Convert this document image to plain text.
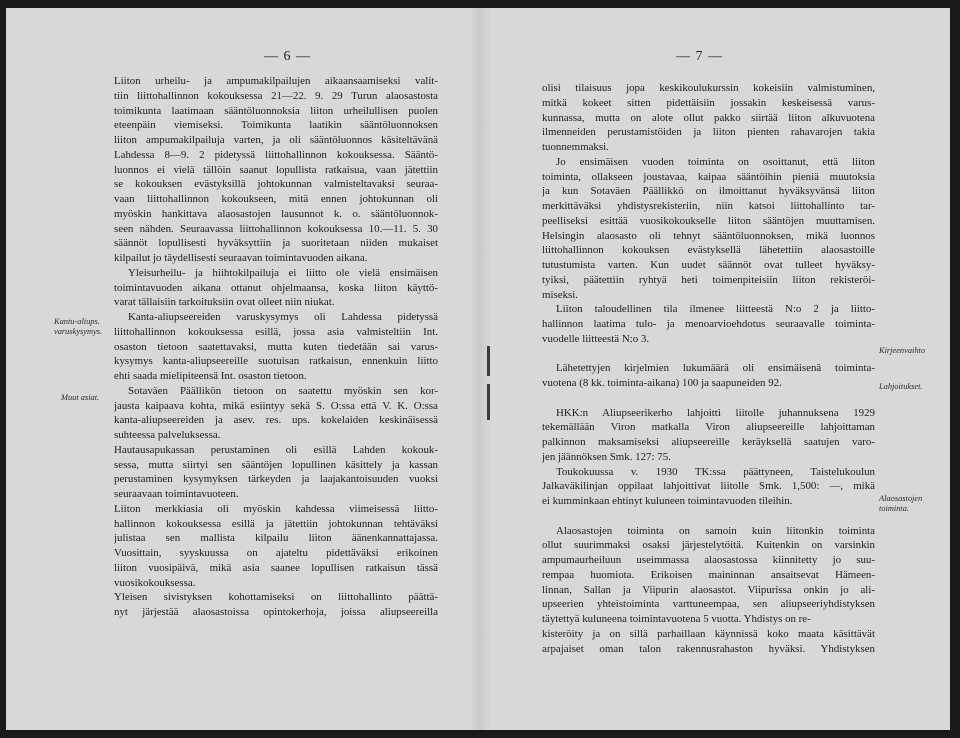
— 6 —
Liiton urheilu- ja ampumakilpailujen aikaansaamiseksi valit-
tiin liittohallinnon kokouksessa 21—22. 9. 29 Turun alaosastosta
toimikunta laatimaan sääntöluonnoksia liiton urheilullisen puolen
eteenpäin viemiseksi. Toimikunta laatikin sääntöluonnoksen
liiton ampumakilpailuja varten, ja oli sääntöluonnos käsiteltävänä
Lahdessa 8—9. 2 pidetyssä liittohallinnon kokouksessa. Sääntö-
luonnos ei vielä tällöin saanut lopullista ratkaisua, vaan jätettiin
se kokouksen evästyksillä johtokunnan valmisteltavaksi seuraa-
vaan liittohallinnon kokoukseen, mitä ennen johtokunnan oli
myöskin hankittava alaosastojen lausunnot k. o. sääntöluonnok-
seen nähden. Seuraavassa liittohallinnon kokouksessa 10.—11. 5. 30
säännöt lopullisesti hyväksyttiin ja suoritetaan niiden mukaiset
kilpailut jo täydellisesti seuraavan toimintavuoden aikana.
Yleisurheilu- ja hiihtokilpailuja ei liitto ole vielä ensimäisen
toimintavuoden aikana ottanut ohjelmaansa, koska liiton käyttö-
varat tällaisiin tarkoituksiin ovat olleet niin niukat.
Kanta-aliupseereiden varuskysymys oli Lahdessa pidetyssä
liittohallinnon kokouksessa esillä, jossa asia valmisteltiin Int.
osaston tietoon saatettavaksi, mutta kuten tiedetään sai varus-
kysymys kanta-aliupseereille suotuisan ratkaisun, ennenkuin liitto
ehti saada mielipiteensä Int. osaston tietoon.
Sotaväen Päällikön tietoon on saatettu myöskin sen kor-
jausta kaipaava kohta, mikä esiintyy sekä S. O:ssa että V. K. O:ssa
kanta-aliupseereiden ja asev. res. ups. kokelaiden keskinäisessä
suhteessa palveluksessa.
Hautausapukassan perustaminen oli esillä Lahden kokouk-
sessa, mutta siirtyi sen sääntöjen lopullinen käsittely ja kassan
perustaminen kysymyksen tärkeyden ja laajakantoisuuden vuoksi
seuraavaan toimintavuoteen.
Liiton merkkiasia oli myöskin kahdessa viimeisessä liitto-
hallinnon kokouksessa esillä ja jätettiin johtokunnan tehtäväksi
julistaa sen mallista kilpailu liiton äänenkannattajassa.
Vuosittain, syyskuussa on ajateltu pidettäväksi erikoinen
liiton vuosipäivä, mikä asia saanee lopullisen ratkaisun tässä
vuosikokouksessa.
Yleisen sivistyksen kohottamiseksi on liittohallinto päättä-
nyt järjestää alaosastoissa opintokerhoja, joissa aliupseereilla
Kantu-aliups.
varuskysymys.
Muut asiat.
— 7 —
olisi tilaisuus jopa keskikoulukurssin kokeisiin valmistuminen,
mitkä kokeet sitten pidettäisiin jossakin keskeisessä varus-
kunnassa, mutta on alote ollut pakko siirtää liiton alkuvuotena
ilmenneiden perustamistöiden ja liiton pienten rahavarojen takia
tuonnemmaksi.
Jo ensimäisen vuoden toiminta on osoittanut, että liiton
toiminta, ollakseen joustavaa, kaipaa sääntöihin pieniä muutoksia
ja kun Sotaväen Päällikkö on ilmoittanut hyväksyvänsä liiton
merkittäväksi yhdistysrekisteriin, niin katsoi liittohallinto tar-
peelliseksi esittää vuosikokoukselle liiton sääntöjen muuttamisen.
Helsingin alaosasto oli tehnyt sääntöluonnoksen, mikä luonnos
liittohallinnon kokouksen evästyksellä lähetettiin alaosastoille
tutustumista varten. Kun uudet säännöt ovat tulleet hyväksy-
tyiksi, päätettiin ryhtyä heti toimenpiteisiin liiton rekisteröi-
miseksi.
Liiton taloudellinen tila ilmenee liitteestä N:o 2 ja liitto-
hallinnon laatima tulo- ja menoarvioehdotus seuraavalle toiminta-
vuodelle liitteestä N:o 3.
Lähetettyjen kirjelmien lukumäärä oli ensimäisenä toiminta-
vuotena (8 kk. toiminta-aikana) 100 ja saapuneiden 92.
HKK:n Aliupseerikerho lahjoitti liitolle juhannuksena 1929
tekemällään Viron matkalla Viron aliupseereille lahjoittaman
palkinnon maksamiseksi aliupseereille keräyksellä saatujen varo-
jen jäännöksen Smk. 127: 75.
Toukokuussa v. 1930 TK:ssa päättyneen, Taistelukoulun
Jalkaväkilinjan oppilaat lahjoittivat liitolle Smk. 1,500: —, mikä
ei kumminkaan ehtinyt kuluneen toimintavuoden tileihin.
Alaosastojen toiminta on samoin kuin liitonkin toiminta
ollut suurimmaksi osaksi järjestelytöitä. Kuitenkin on varsinkin
ampumaurheiluun useimmassa alaosastossa kiinnitetty jo suu-
rempaa huomiota. Erikoisen maininnan ansaitsevat Hämeen-
linnan, Sallan ja Viipurin alaosastot. Viipurissa onkin jo ali-
upseerien yhteistoiminta varttuneempaa, sen aliupseeriyhdistyksen
täytettyä kuluneena toimintavuotena 5 vuotta. Yhdistys on re-
kisteröity ja on sillä parhaillaan käynnissä koko maata käsittävät
arpajaiset oman talon rakennusrahaston hyväksi. Yhdistyksen
Kirjeenvaihto
Lahjoitukset.
Alaosastojen
toiminta.
